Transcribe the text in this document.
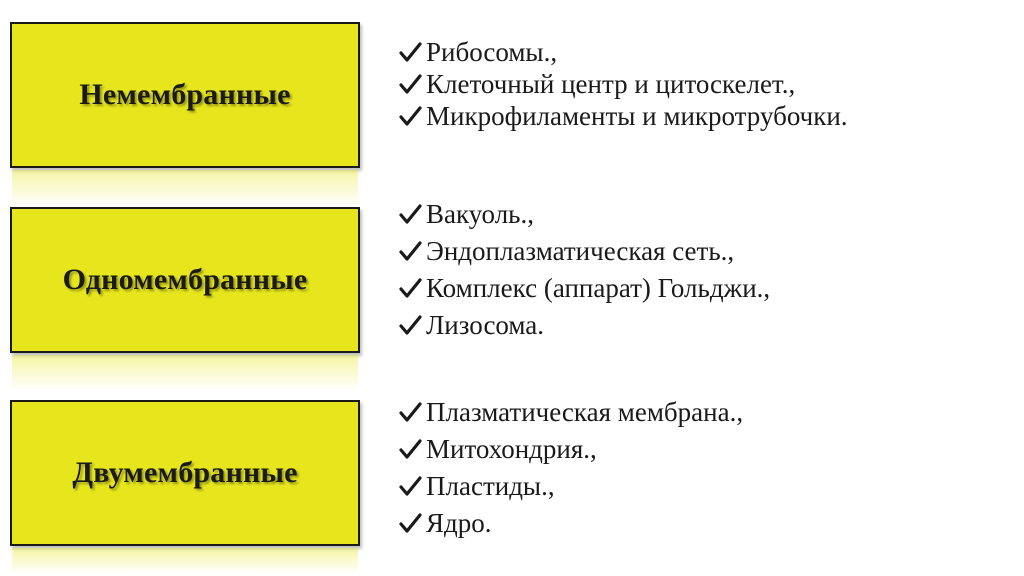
Немембранные
Рибосомы.,
Клеточный центр и цитоскелет.,
Микрофиламенты и микротрубочки.
Одномембранные
Вакуоль.,
Эндоплазматическая сеть.,
Комплекс (аппарат) Гольджи.,
Лизосома.
Двумембранные
Плазматическая мембрана.,
Митохондрия.,
Пластиды.,
Ядро.
